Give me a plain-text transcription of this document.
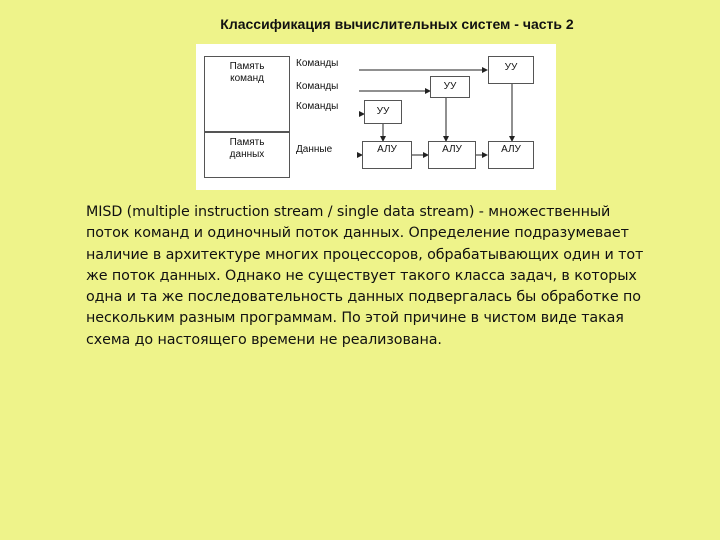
Классификация вычислительных систем - часть 2
Память
команд
Память
данных
Команды
Команды
Команды
Данные
УУ
УУ
УУ
АЛУ	АЛУ	АЛУ

MISD (multiple instruction stream / single data stream) - множественный

поток команд и одиночный поток данных. Определение подразумевает

наличие в архитектуре многих процессоров, обрабатывающих один и тот

же поток данных. Однако не существует такого класса задач, в которых

одна и та же последовательность данных подвергалась бы обработке по

нескольким разным программам. По этой причине в чистом виде такая

схема до настоящего времени не реализована.
